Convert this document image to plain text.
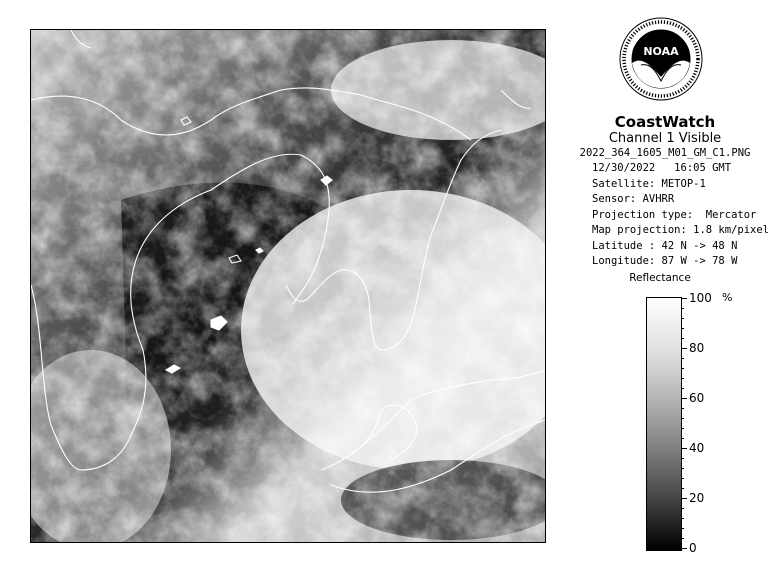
NOAA
CoastWatch
Channel 1 Visible
2022_364_1605_M01_GM_C1.PNG
12/30/2022   16:05 GMT
Satellite: METOP-1
Sensor: AVHRR
Projection type:  Mercator
Map projection: 1.8 km/pixel
Latitude : 42 N -> 48 N
Longitude: 87 W -> 78 W
Reflectance
%
100
80
60
40
20
0
